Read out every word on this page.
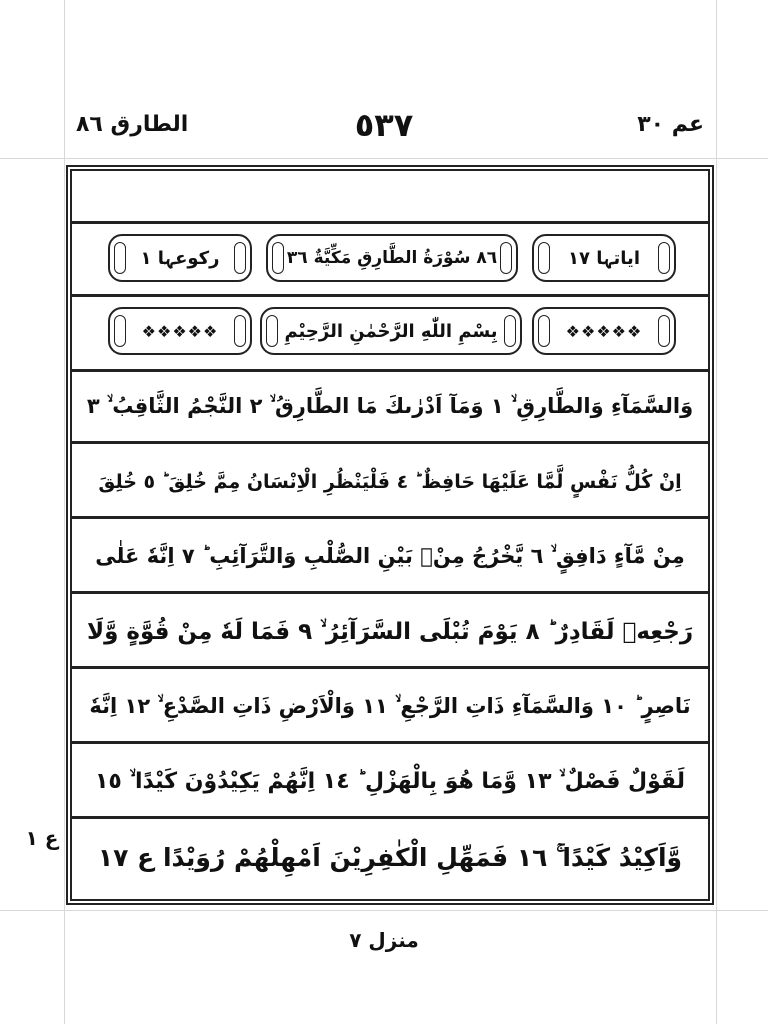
الطارق ٨٦	٥٣٧	عم ٣٠
ایاتہا ١٧
٨٦ سُوْرَةُ الطَّارِقِ مَكِّيَّةٌ ٣٦
رکوعہا ١
❖❖❖❖❖
بِسْمِ اللّٰهِ الرَّحْمٰنِ الرَّحِيْمِ
❖❖❖❖❖
وَالسَّمَآءِ وَالطَّارِقِ ۙ ١ وَمَآ اَدْرٰىكَ مَا الطَّارِقُ ۙ ٢ النَّجْمُ الثَّاقِبُ ۙ ٣
اِنْ كُلُّ نَفْسٍ لَّمَّا عَلَيْهَا حَافِظٌ ؕ ٤ فَلْيَنْظُرِ الْاِنْسَانُ مِمَّ خُلِقَ ؕ ٥ خُلِقَ
مِنْ مَّآءٍ دَافِقٍ ۙ ٦ يَّخْرُجُ مِنْۢ بَيْنِ الصُّلْبِ وَالتَّرَآئِبِ ؕ ٧ اِنَّهٗ عَلٰى
رَجْعِهٖ لَقَادِرٌ ؕ ٨ يَوْمَ تُبْلَى السَّرَآئِرُ ۙ ٩ فَمَا لَهٗ مِنْ قُوَّةٍ وَّلَا
نَاصِرٍ ؕ ١٠ وَالسَّمَآءِ ذَاتِ الرَّجْعِ ۙ ١١ وَالْاَرْضِ ذَاتِ الصَّدْعِ ۙ ١٢ اِنَّهٗ
لَقَوْلٌ فَصْلٌ ۙ ١٣ وَّمَا هُوَ بِالْهَزْلِ ؕ ١٤ اِنَّهُمْ يَكِيْدُوْنَ كَيْدًا ۙ ١٥
وَّاَكِيْدُ كَيْدًا ۚ ١٦ فَمَهِّلِ الْكٰفِرِيْنَ اَمْهِلْهُمْ رُوَيْدًا ع ١٧
ع ١
منزل ٧
